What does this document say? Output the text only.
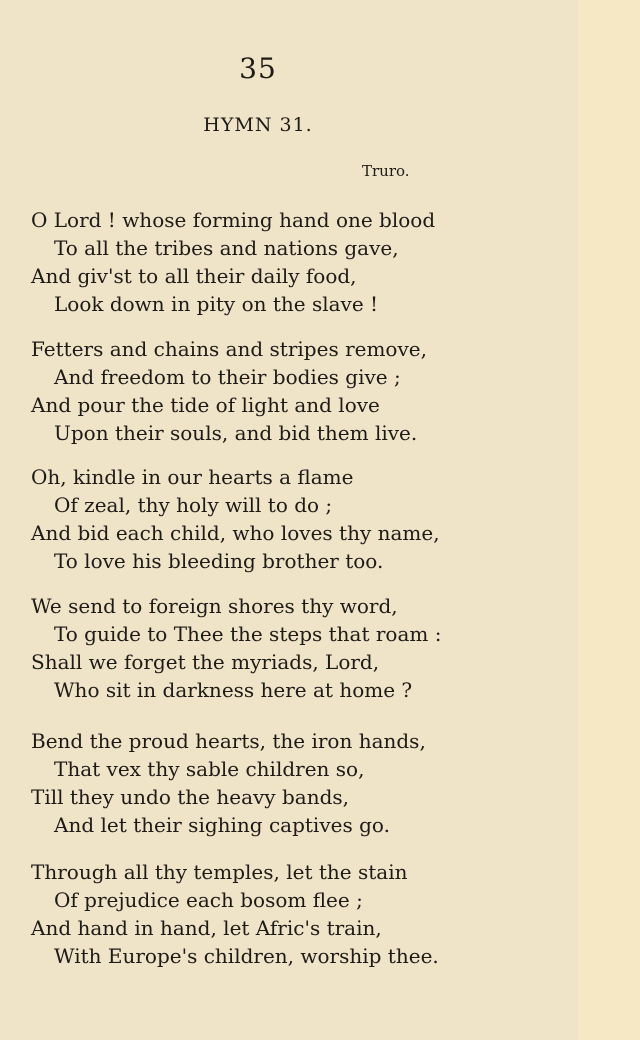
35
HYMN 31.
Truro.
O Lord ! whose forming hand one blood
To all the tribes and nations gave,
And giv'st to all their daily food,
Look down in pity on the slave !
Fetters and chains and stripes remove,
And freedom to their bodies give ;
And pour the tide of light and love
Upon their souls, and bid them live.
Oh, kindle in our hearts a flame
Of zeal, thy holy will to do ;
And bid each child, who loves thy name,
To love his bleeding brother too.
We send to foreign shores thy word,
To guide to Thee the steps that roam :
Shall we forget the myriads, Lord,
Who sit in darkness here at home ?
Bend the proud hearts, the iron hands,
That vex thy sable children so,
Till they undo the heavy bands,
And let their sighing captives go.
Through all thy temples, let the stain
Of prejudice each bosom flee ;
And hand in hand, let Afric's train,
With Europe's children, worship thee.
